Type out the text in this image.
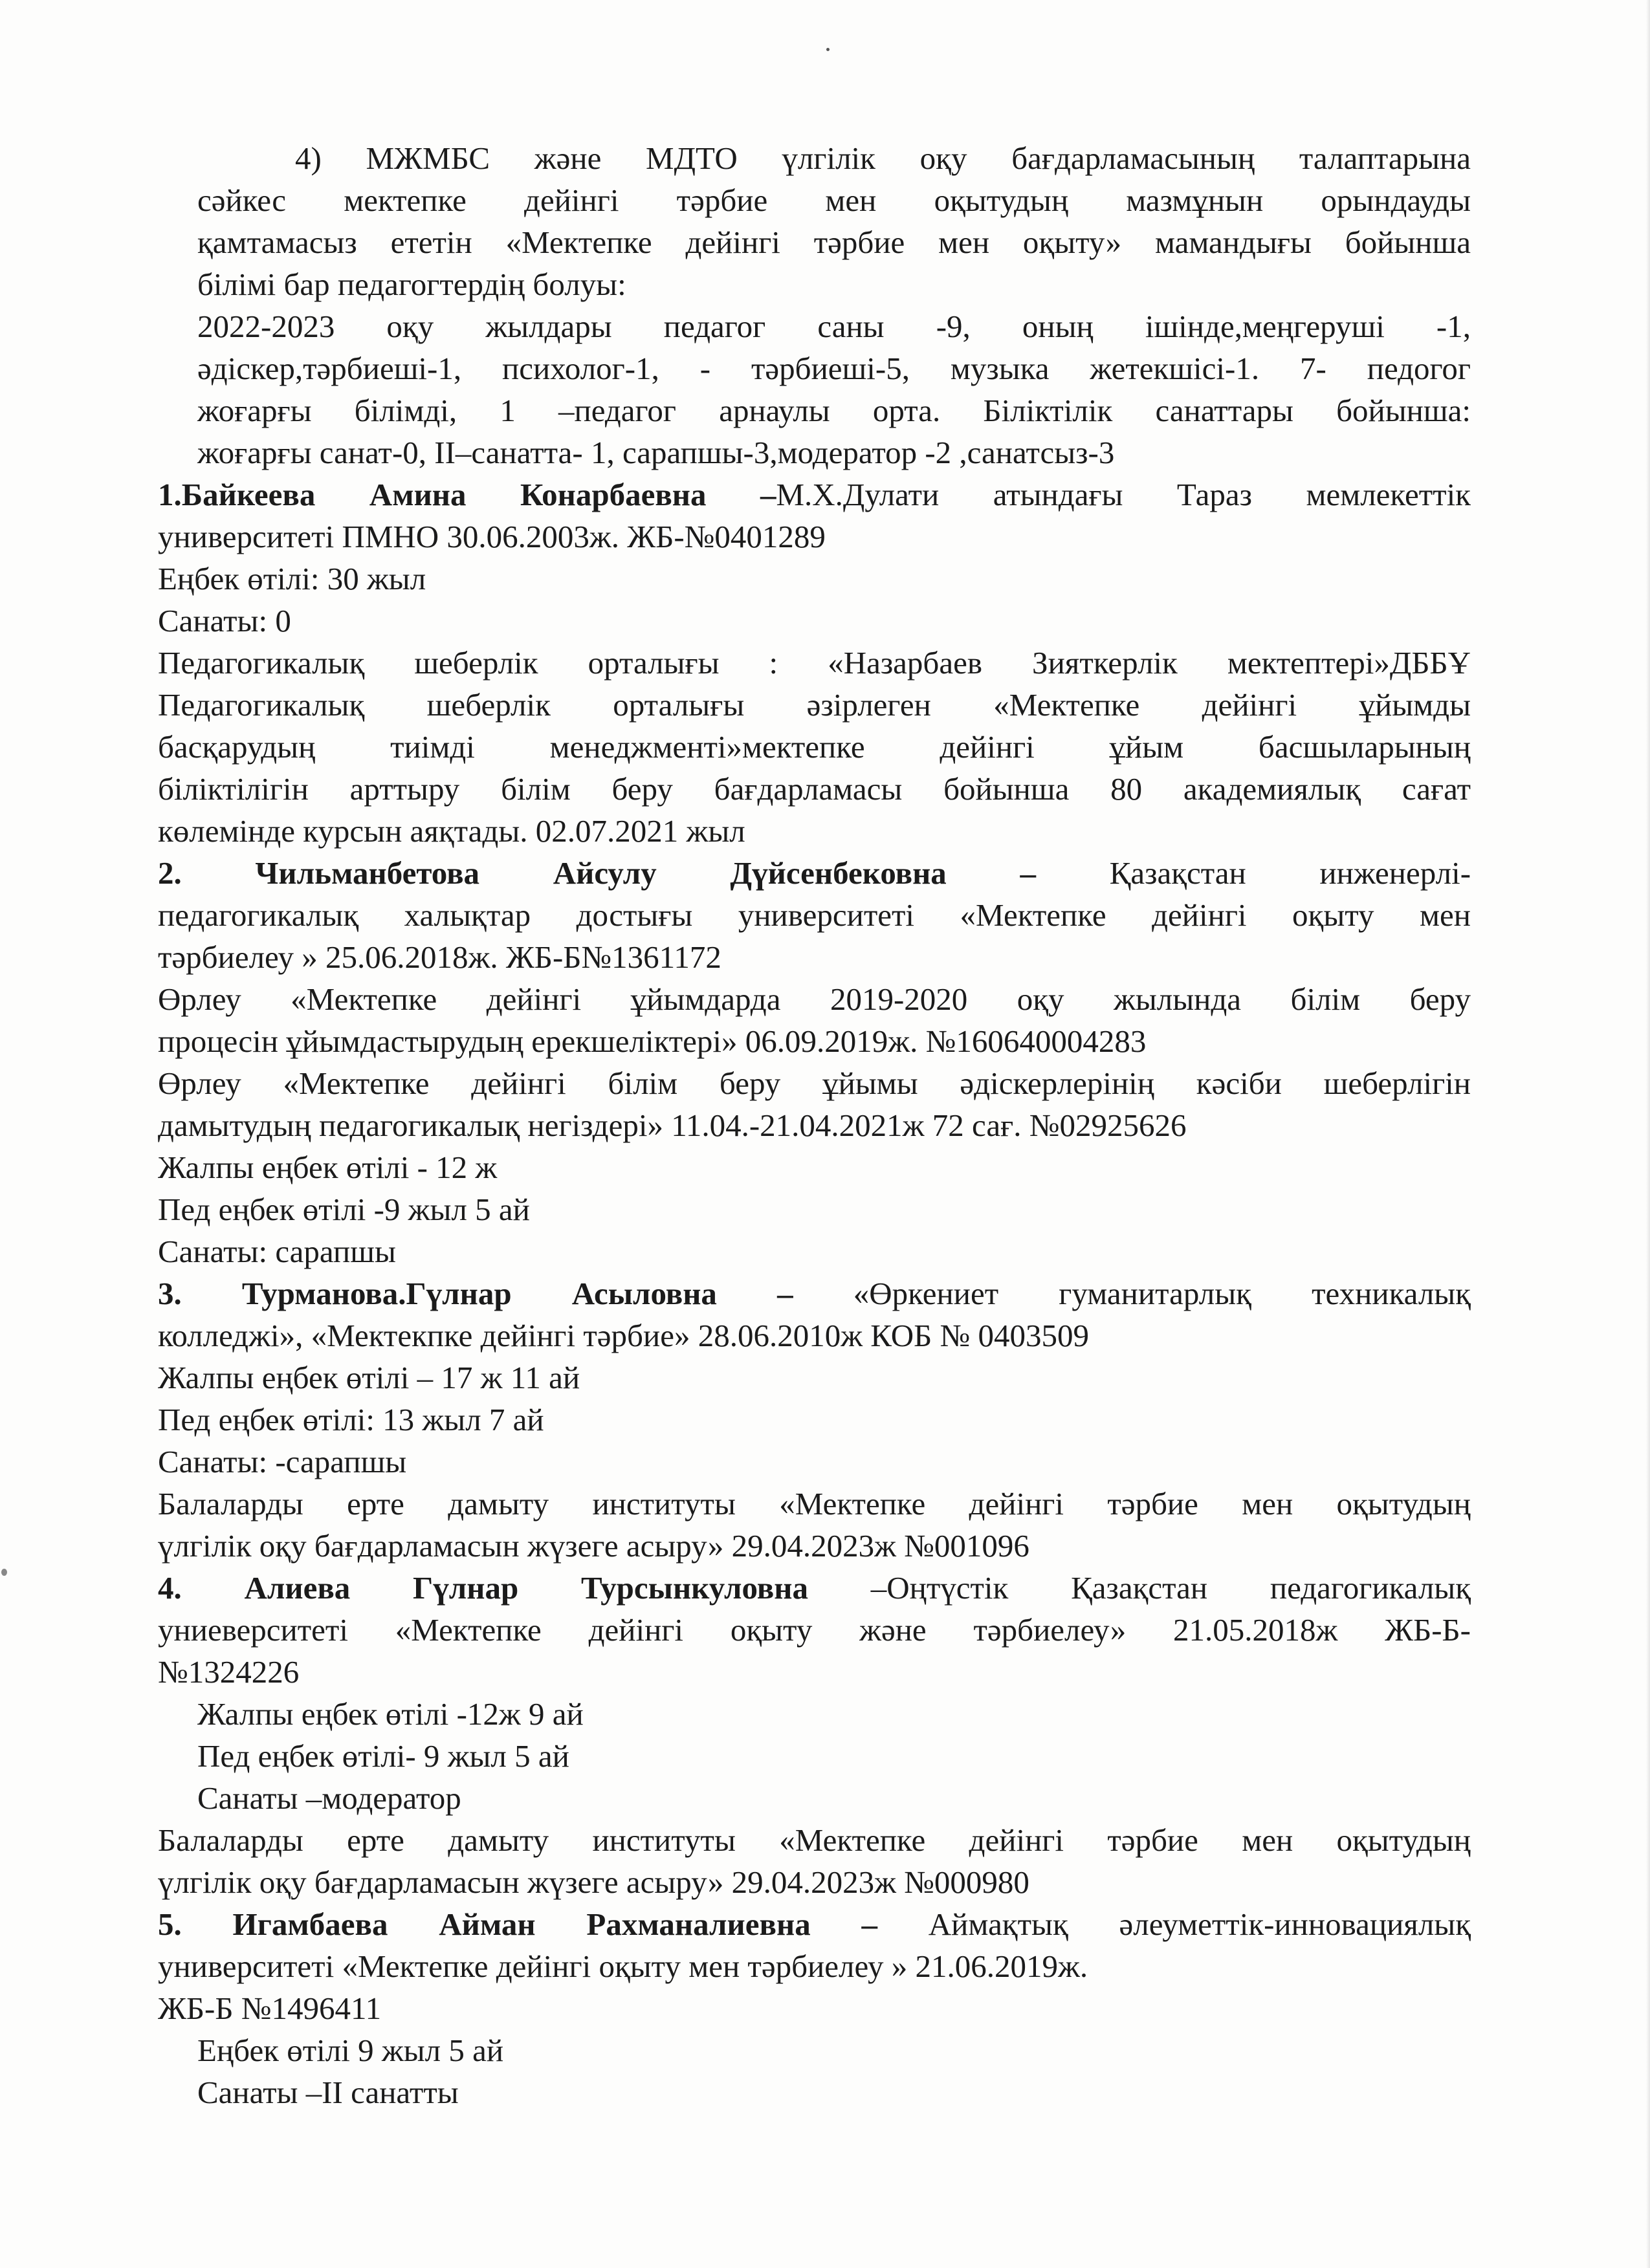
4) МЖМБС және МДТО үлгілік оқу бағдарламасының талаптарына
сәйкес мектепке дейінгі тәрбие мен оқытудың мазмұнын орындауды
қамтамасыз ететін «Мектепке дейінгі тәрбие мен оқыту» мамандығы бойынша
білімі бар педагогтердің болуы:
2022-2023 оқу жылдары педагог саны -9, оның ішінде,меңгеруші -1,
әдіскер,тәрбиеші-1, психолог-1, - тәрбиеші-5, музыка жетекшісі-1. 7- педогог
жоғарғы білімді, 1 –педагог арнаулы орта. Біліктілік санаттары бойынша:
жоғарғы санат-0, II–санатта- 1, сарапшы-3,модератор -2 ,санатсыз-3
1.Байкеева Амина Конарбаевна –М.Х.Дулати атындағы Тараз мемлекеттік
университеті ПМНО 30.06.2003ж. ЖБ-№0401289
Еңбек өтілі: 30 жыл
Санаты: 0
Педагогикалық шеберлік орталығы : «Назарбаев Зияткерлік мектептері»ДББҰ
Педагогикалық шеберлік орталығы әзірлеген «Мектепке дейінгі ұйымды
басқарудың тиімді менеджменті»мектепке дейінгі ұйым басшыларының
біліктілігін арттыру білім беру бағдарламасы бойынша 80 академиялық сағат
көлемінде курсын аяқтады. 02.07.2021 жыл
2. Чильманбетова Айсулу Дүйсенбековна – Қазақстан инженерлі-
педагогикалық халықтар достығы университеті «Мектепке дейінгі оқыту мен
тәрбиелеу » 25.06.2018ж. ЖБ-Б№1361172
Өрлеу «Мектепке дейінгі ұйымдарда 2019-2020 оқу жылында білім беру
процесін ұйымдастырудың ерекшеліктері» 06.09.2019ж. №160640004283
Өрлеу «Мектепке дейінгі білім беру ұйымы әдіскерлерінің кәсіби шеберлігін
дамытудың педагогикалық негіздері» 11.04.-21.04.2021ж 72 сағ. №02925626
Жалпы еңбек өтілі - 12 ж
Пед еңбек өтілі -9 жыл 5 ай
Санаты: сарапшы
3. Турманова.Гүлнар Асыловна – «Өркениет гуманитарлық техникалық
колледжі», «Мектекпке дейінгі тәрбие» 28.06.2010ж КОБ № 0403509
Жалпы еңбек өтілі – 17 ж 11 ай
Пед еңбек өтілі: 13 жыл 7 ай
Санаты: -сарапшы
Балаларды ерте дамыту институты «Мектепке дейінгі тәрбие мен оқытудың
үлгілік оқу бағдарламасын жүзеге асыру» 29.04.2023ж №001096
4. Алиева Гүлнар Турсынкуловна –Оңтүстік Қазақстан педагогикалық
униеверситеті «Мектепке дейінгі оқыту және тәрбиелеу» 21.05.2018ж ЖБ-Б-
№1324226
Жалпы еңбек өтілі -12ж 9 ай
Пед еңбек өтілі- 9 жыл 5 ай
Санаты –модератор
Балаларды ерте дамыту институты «Мектепке дейінгі тәрбие мен оқытудың
үлгілік оқу бағдарламасын жүзеге асыру» 29.04.2023ж №000980
5. Игамбаева Айман Рахманалиевна – Аймақтық әлеуметтік-инновациялық
университеті «Мектепке дейінгі оқыту мен тәрбиелеу » 21.06.2019ж.
ЖБ-Б №1496411
Еңбек өтілі 9 жыл 5 ай
Санаты –II санатты
